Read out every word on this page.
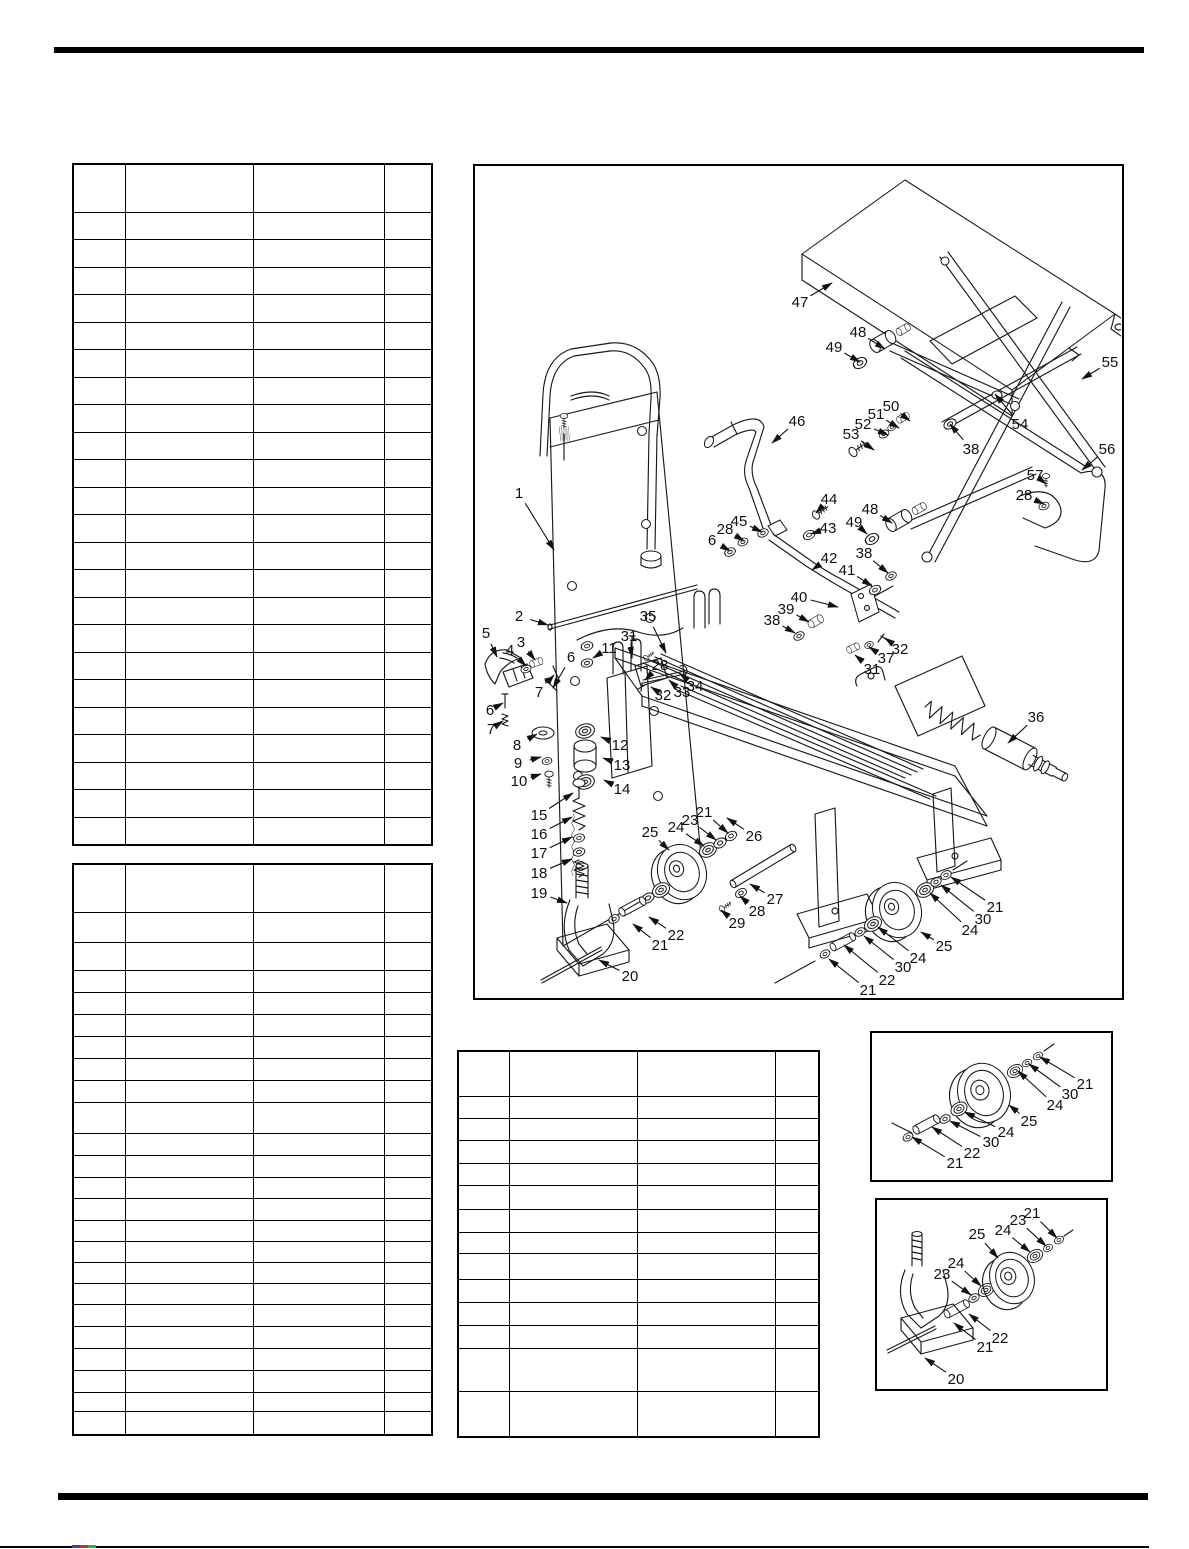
47
48
49
55
50
51
52
53
54
38	56
57
28
46
44
45	43
28
6
42 38
41
48
49
1
40
39
38
31
37
32
2	35
31
5
3
4	6
11
28
34
33
32
7
6
7
8
9
10
12
13
14
36
15
16
17
18
19
25 24
23
21
26
27
28
29
22
21
20
25
24
30
22
21
24
30
21
21
30
24
25
24
30
22
21
25 24
23
21
24
23
22
21
20
